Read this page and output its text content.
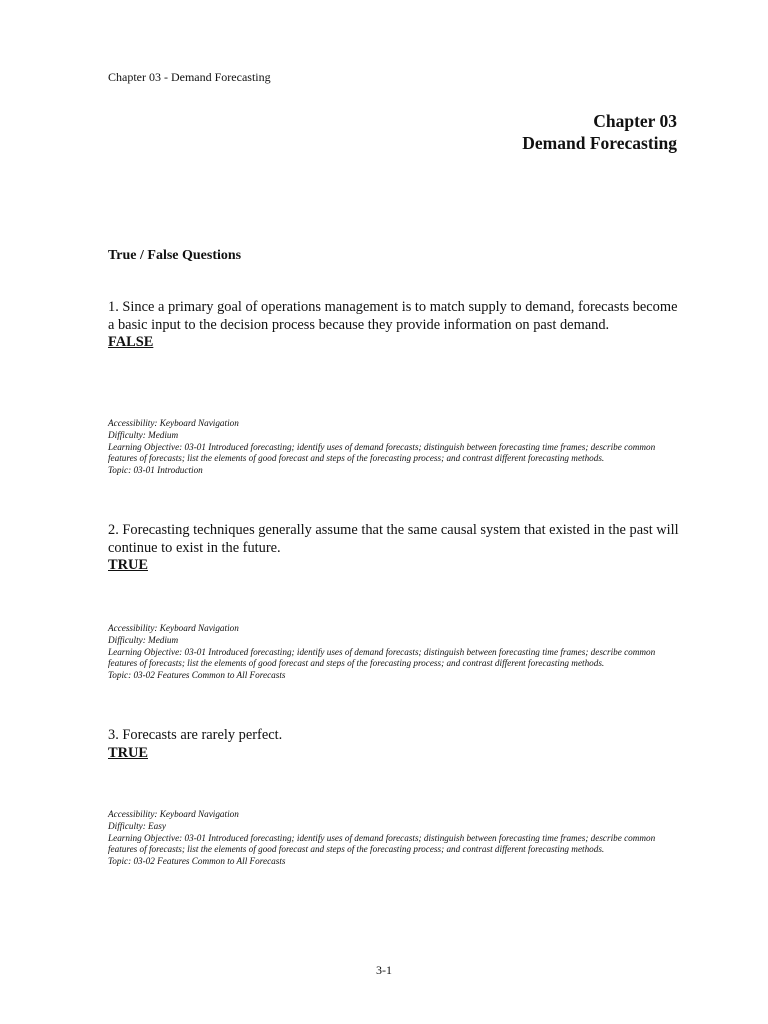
Chapter 03 - Demand Forecasting
Chapter 03
Demand Forecasting
True / False Questions

1. Since a primary goal of operations management is to match supply to demand, forecasts become a basic input to the decision process because they provide information on past demand.

FALSE

Accessibility: Keyboard Navigation
Difficulty: Medium
Learning Objective: 03-01 Introduced forecasting; identify uses of demand forecasts; distinguish between forecasting time frames; describe common features of forecasts; list the elements of good forecast and steps of the forecasting process; and contrast different forecasting methods.
Topic: 03-01 Introduction

2. Forecasting techniques generally assume that the same causal system that existed in the past will continue to exist in the future.

TRUE

Accessibility: Keyboard Navigation
Difficulty: Medium
Learning Objective: 03-01 Introduced forecasting; identify uses of demand forecasts; distinguish between forecasting time frames; describe common features of forecasts; list the elements of good forecast and steps of the forecasting process; and contrast different forecasting methods.
Topic: 03-02 Features Common to All Forecasts

3. Forecasts are rarely perfect.

TRUE

Accessibility: Keyboard Navigation
Difficulty: Easy
Learning Objective: 03-01 Introduced forecasting; identify uses of demand forecasts; distinguish between forecasting time frames; describe common features of forecasts; list the elements of good forecast and steps of the forecasting process; and contrast different forecasting methods.
Topic: 03-02 Features Common to All Forecasts
3-1
